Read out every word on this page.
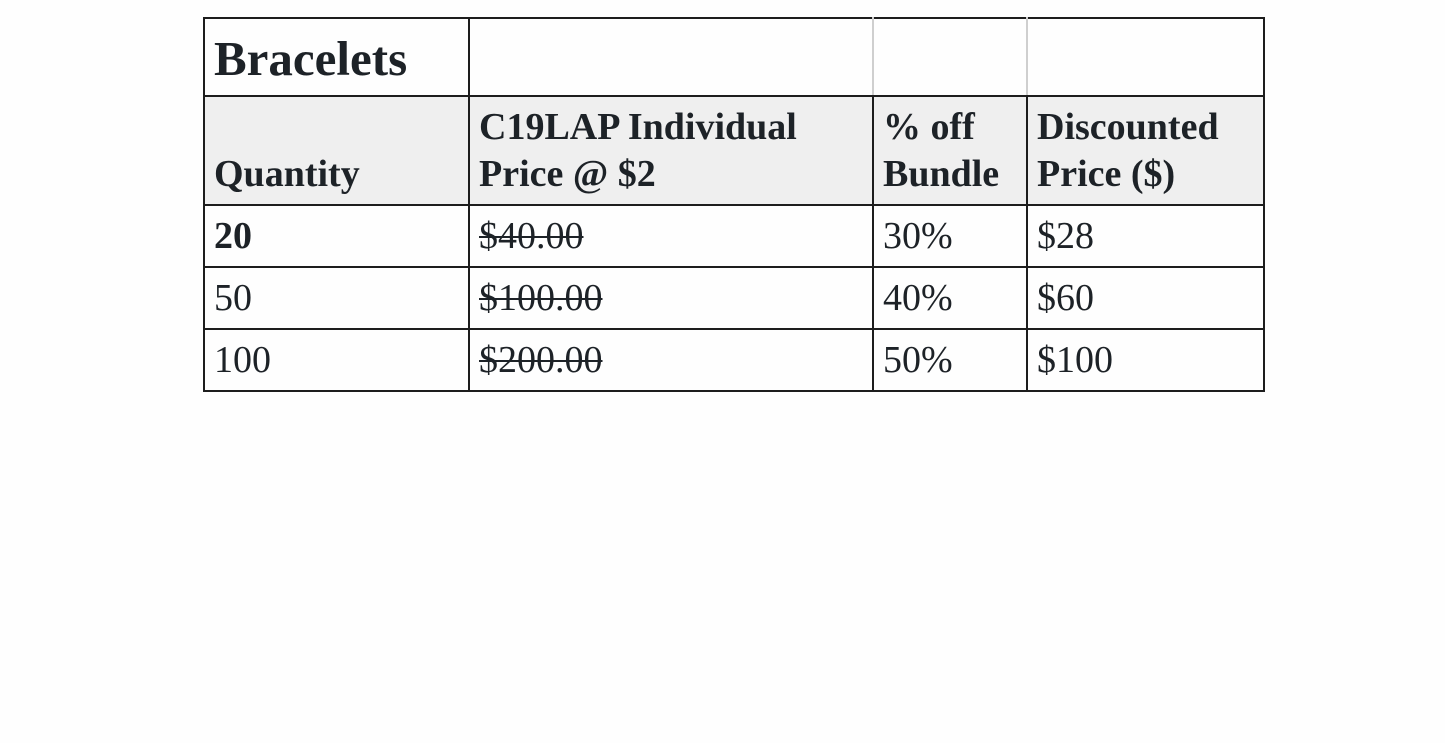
Bracelets			
Quantity	C19LAP Individual Price @ $2	% off Bundle	Discounted Price ($)
20	$40.00	30%	$28
50	$100.00	40%	$60
100	$200.00	50%	$100
